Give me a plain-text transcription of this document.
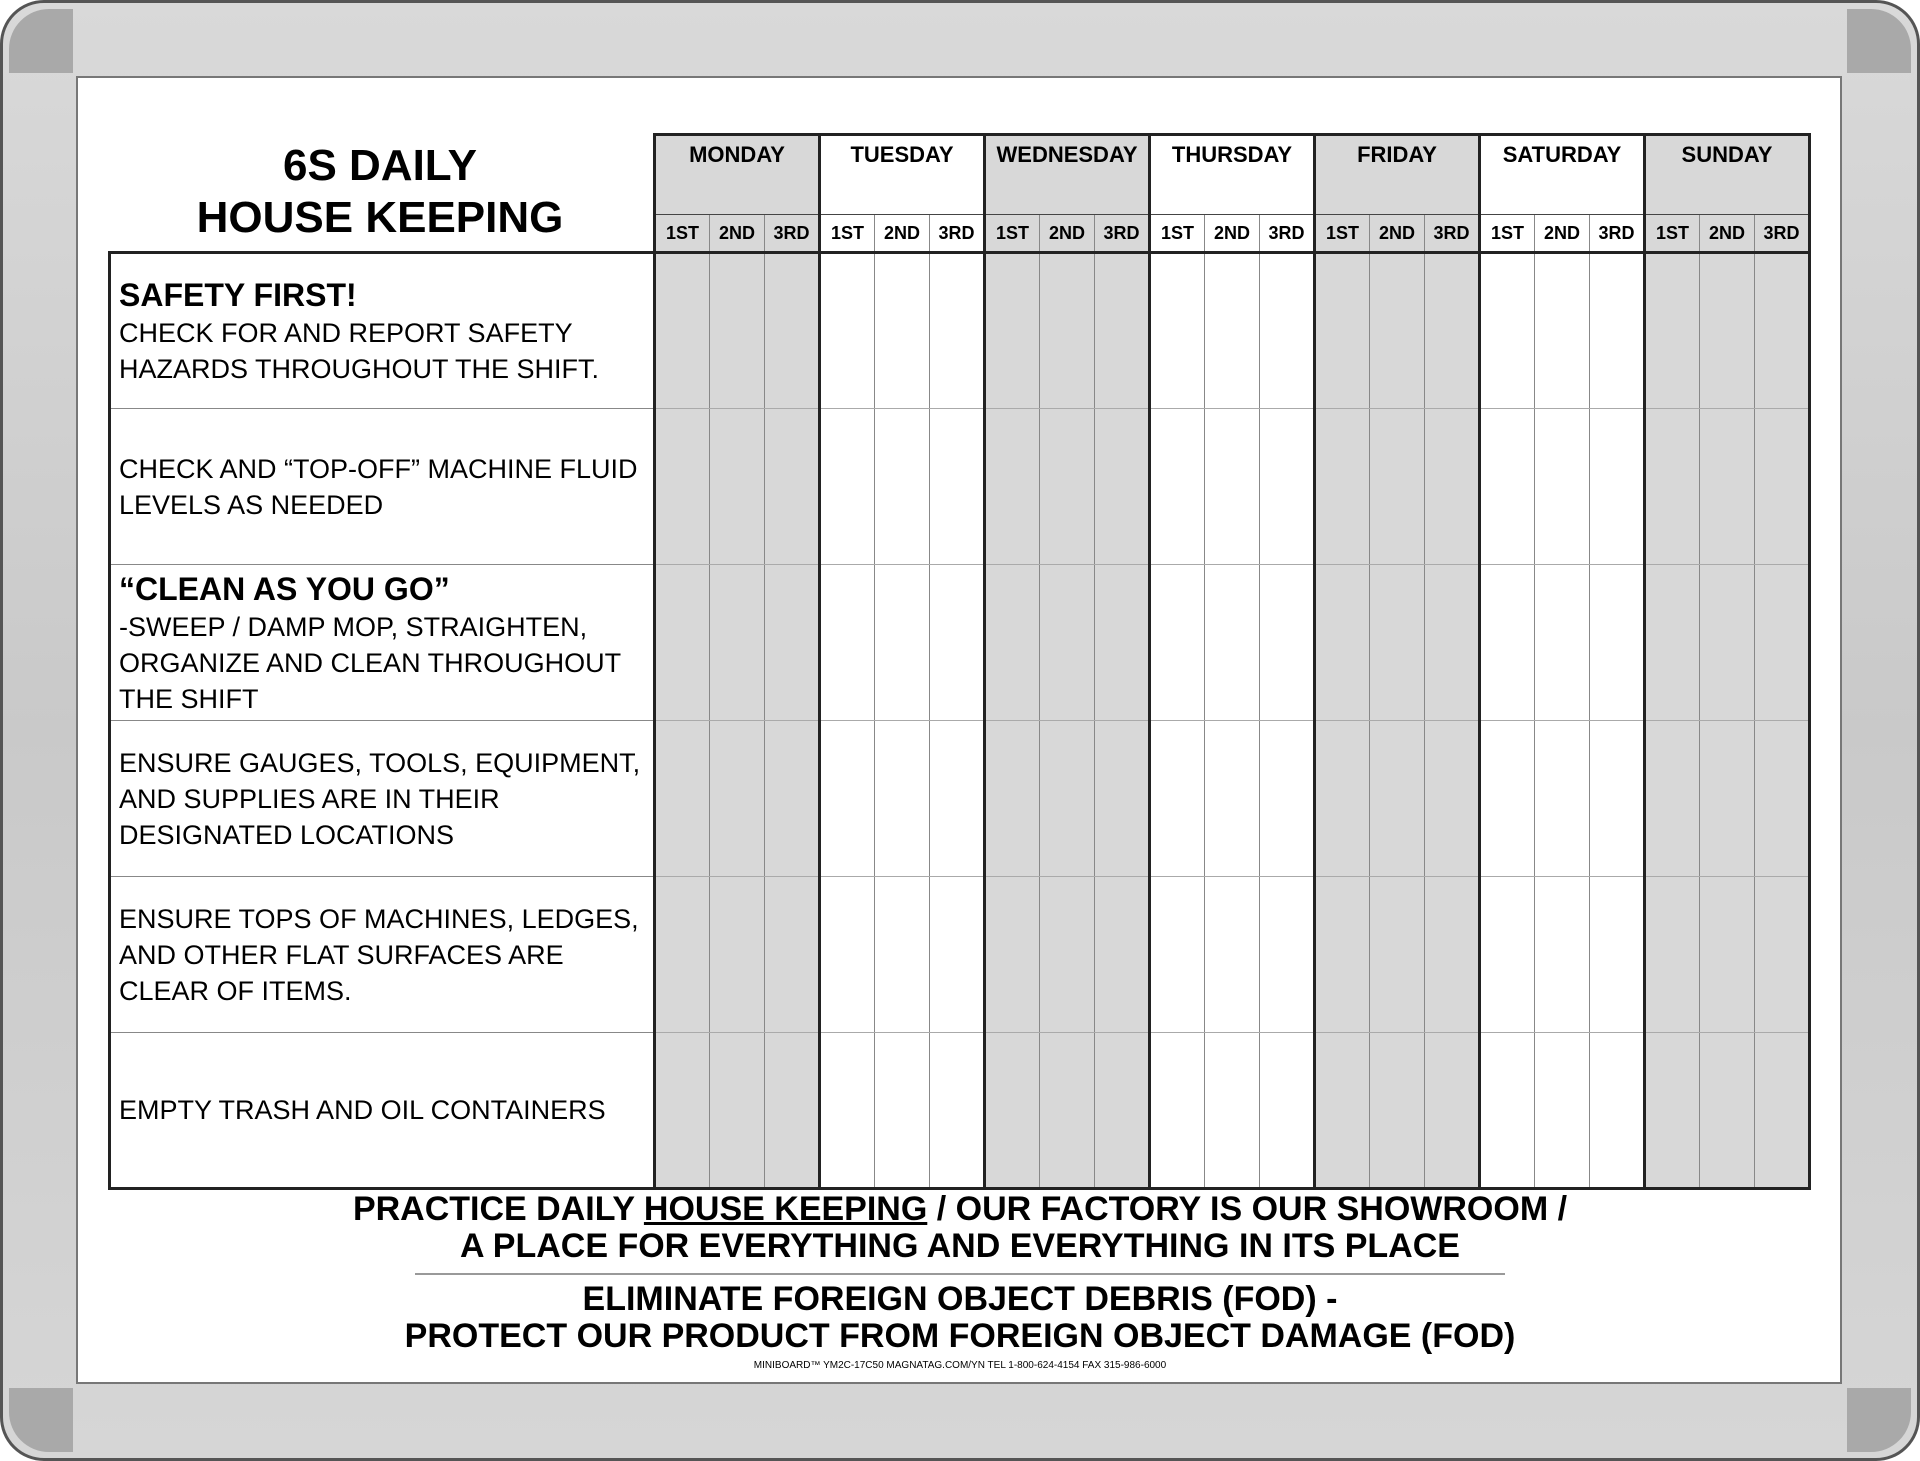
6S DAILY
HOUSE KEEPING
	MONDAY			TUESDAY			WEDNESDAY			THURSDAY			FRIDAY			SATURDAY			SUNDAY		
	1ST	2ND	3RD	1ST	2ND	3RD	1ST	2ND	3RD	1ST	2ND	3RD	1ST	2ND	3RD	1ST	2ND	3RD	1ST	2ND	3RD

SAFETY FIRST!
CHECK FOR AND REPORT SAFETY HAZARDS THROUGHOUT THE SHIFT.																					

CHECK AND “TOP-OFF” MACHINE FLUID LEVELS AS NEEDED																					

“CLEAN AS YOU GO”
-SWEEP / DAMP MOP, STRAIGHTEN, ORGANIZE AND CLEAN THROUGHOUT THE SHIFT																					

ENSURE GAUGES, TOOLS, EQUIPMENT, AND SUPPLIES ARE IN THEIR DESIGNATED LOCATIONS																					

ENSURE TOPS OF MACHINES, LEDGES, AND OTHER FLAT SURFACES ARE CLEAR OF ITEMS.																					

EMPTY TRASH AND OIL CONTAINERS																					

PRACTICE DAILY HOUSE KEEPING / OUR FACTORY IS OUR SHOWROOM /
A PLACE FOR EVERYTHING AND EVERYTHING IN ITS PLACE
ELIMINATE FOREIGN OBJECT DEBRIS (FOD) -
PROTECT OUR PRODUCT FROM FOREIGN OBJECT DAMAGE (FOD)
MINIBOARD™ YM2C-17C50 MAGNATAG.COM/YN TEL 1-800-624-4154 FAX 315-986-6000
